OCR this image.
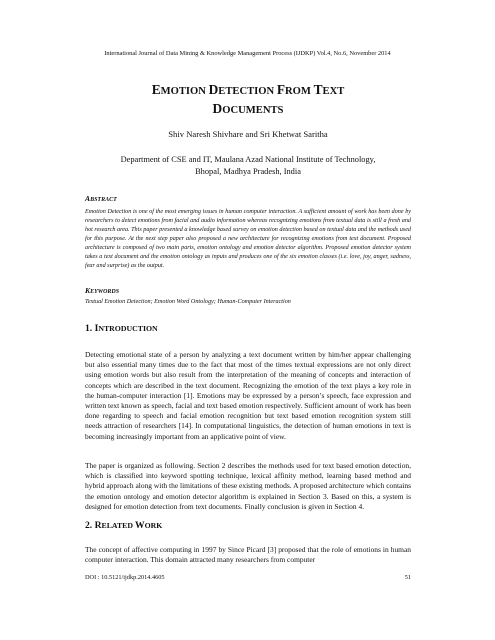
International Journal of Data Mining & Knowledge Management Process (IJDKP) Vol.4, No.6, November 2014
EMOTION DETECTION FROM TEXT
DOCUMENTS
Shiv Naresh Shivhare and Sri Khetwat Saritha
Department of CSE and IT, Maulana Azad National Institute of Technology,
Bhopal, Madhya Pradesh, India
ABSTRACT
Emotion Detection is one of the most emerging issues in human computer interaction. A sufficient amount of work has been done by researchers to detect emotions from facial and audio information whereas recognizing emotions from textual data is still a fresh and hot research area. This paper presented a knowledge based survey on emotion detection based on textual data and the methods used for this purpose. At the next step paper also proposed a new architecture for recognizing emotions from text document. Proposed architecture is composed of two main parts, emotion ontology and emotion detector algorithm. Proposed emotion detector system takes a text document and the emotion ontology as inputs and produces one of the six emotion classes (i.e. love, joy, anger, sadness, fear and surprise) as the output.
KEYWORDS
Textual Emotion Detection; Emotion Word Ontology; Human-Computer Interaction
1. INTRODUCTION
Detecting emotional state of a person by analyzing a text document written by him/her appear challenging but also essential many times due to the fact that most of the times textual expressions are not only direct using emotion words but also result from the interpretation of the meaning of concepts and interaction of concepts which are described in the text document. Recognizing the emotion of the text plays a key role in the human-computer interaction [1]. Emotions may be expressed by a person’s speech, face expression and written text known as speech, facial and text based emotion respectively. Sufficient amount of work has been done regarding to speech and facial emotion recognition but text based emotion recognition system still needs attraction of researchers [14]. In computational linguistics, the detection of human emotions in text is becoming increasingly important from an applicative point of view.
The paper is organized as following. Section 2 describes the methods used for text based emotion detection, which is classified into keyword spotting technique, lexical affinity method, learning based method and hybrid approach along with the limitations of these existing methods. A proposed architecture which contains the emotion ontology and emotion detector algorithm is explained in Section 3. Based on this, a system is designed for emotion detection from text documents. Finally conclusion is given in Section 4.
2. RELATED WORK
The concept of affective computing in 1997 by Since Picard [3] proposed that the role of emotions in human computer interaction. This domain attracted many researchers from computer
DOI : 10.5121/ijdkp.2014.4605	51
